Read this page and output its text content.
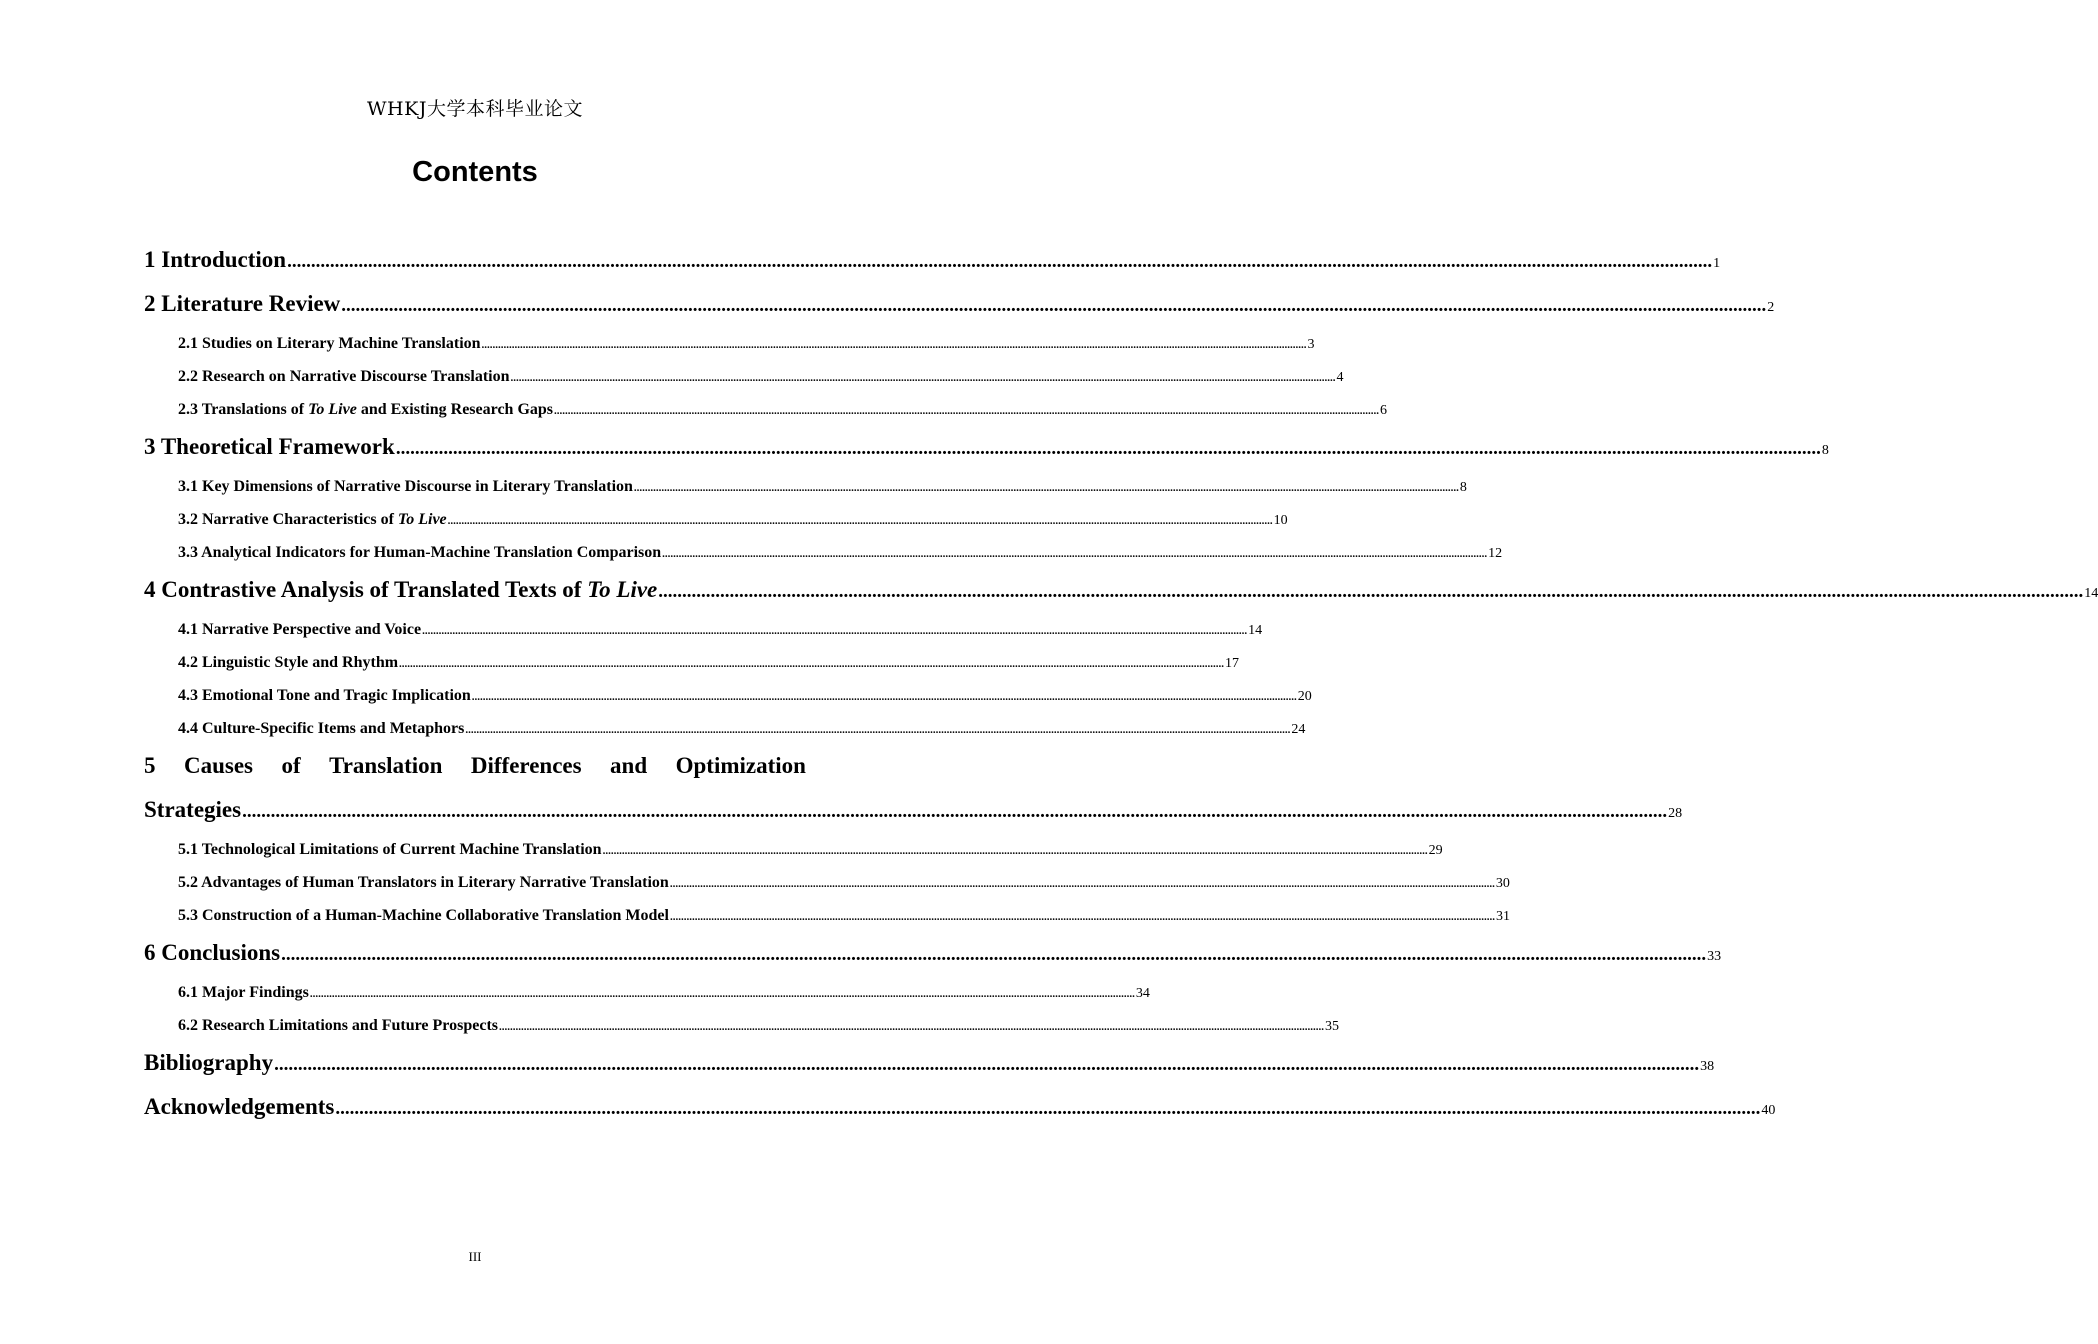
WHKJ大学本科毕业论文
Contents
1 Introduction ............................................................................................................................................................................................................................................................................................................ 1
2 Literature Review ............................................................................................................................................................................................................................................................................................................ 2
2.1 Studies on Literary Machine Translation ............................................................................................................................................................................................................................................................................................................ 3
2.2 Research on Narrative Discourse Translation ............................................................................................................................................................................................................................................................................................................ 4
2.3 Translations of To Live and Existing Research Gaps ............................................................................................................................................................................................................................................................................................................ 6
3 Theoretical Framework ............................................................................................................................................................................................................................................................................................................ 8
3.1 Key Dimensions of Narrative Discourse in Literary Translation ............................................................................................................................................................................................................................................................................................................ 8
3.2 Narrative Characteristics of To Live ............................................................................................................................................................................................................................................................................................................ 10
3.3 Analytical Indicators for Human-Machine Translation Comparison ............................................................................................................................................................................................................................................................................................................ 12
4 Contrastive Analysis of Translated Texts of To Live ............................................................................................................................................................................................................................................................................................................ 14
4.1 Narrative Perspective and Voice ............................................................................................................................................................................................................................................................................................................ 14
4.2 Linguistic Style and Rhythm ............................................................................................................................................................................................................................................................................................................ 17
4.3 Emotional Tone and Tragic Implication ............................................................................................................................................................................................................................................................................................................ 20
4.4 Culture-Specific Items and Metaphors ............................................................................................................................................................................................................................................................................................................ 24
5 Causes of Translation Differences and Optimization
Strategies ............................................................................................................................................................................................................................................................................................................ 28
5.1 Technological Limitations of Current Machine Translation ............................................................................................................................................................................................................................................................................................................ 29
5.2 Advantages of Human Translators in Literary Narrative Translation ............................................................................................................................................................................................................................................................................................................ 30
5.3 Construction of a Human-Machine Collaborative Translation Model ............................................................................................................................................................................................................................................................................................................ 31
6 Conclusions ............................................................................................................................................................................................................................................................................................................ 33
6.1 Major Findings ............................................................................................................................................................................................................................................................................................................ 34
6.2 Research Limitations and Future Prospects ............................................................................................................................................................................................................................................................................................................ 35
Bibliography ............................................................................................................................................................................................................................................................................................................ 38
Acknowledgements ............................................................................................................................................................................................................................................................................................................ 40
III
